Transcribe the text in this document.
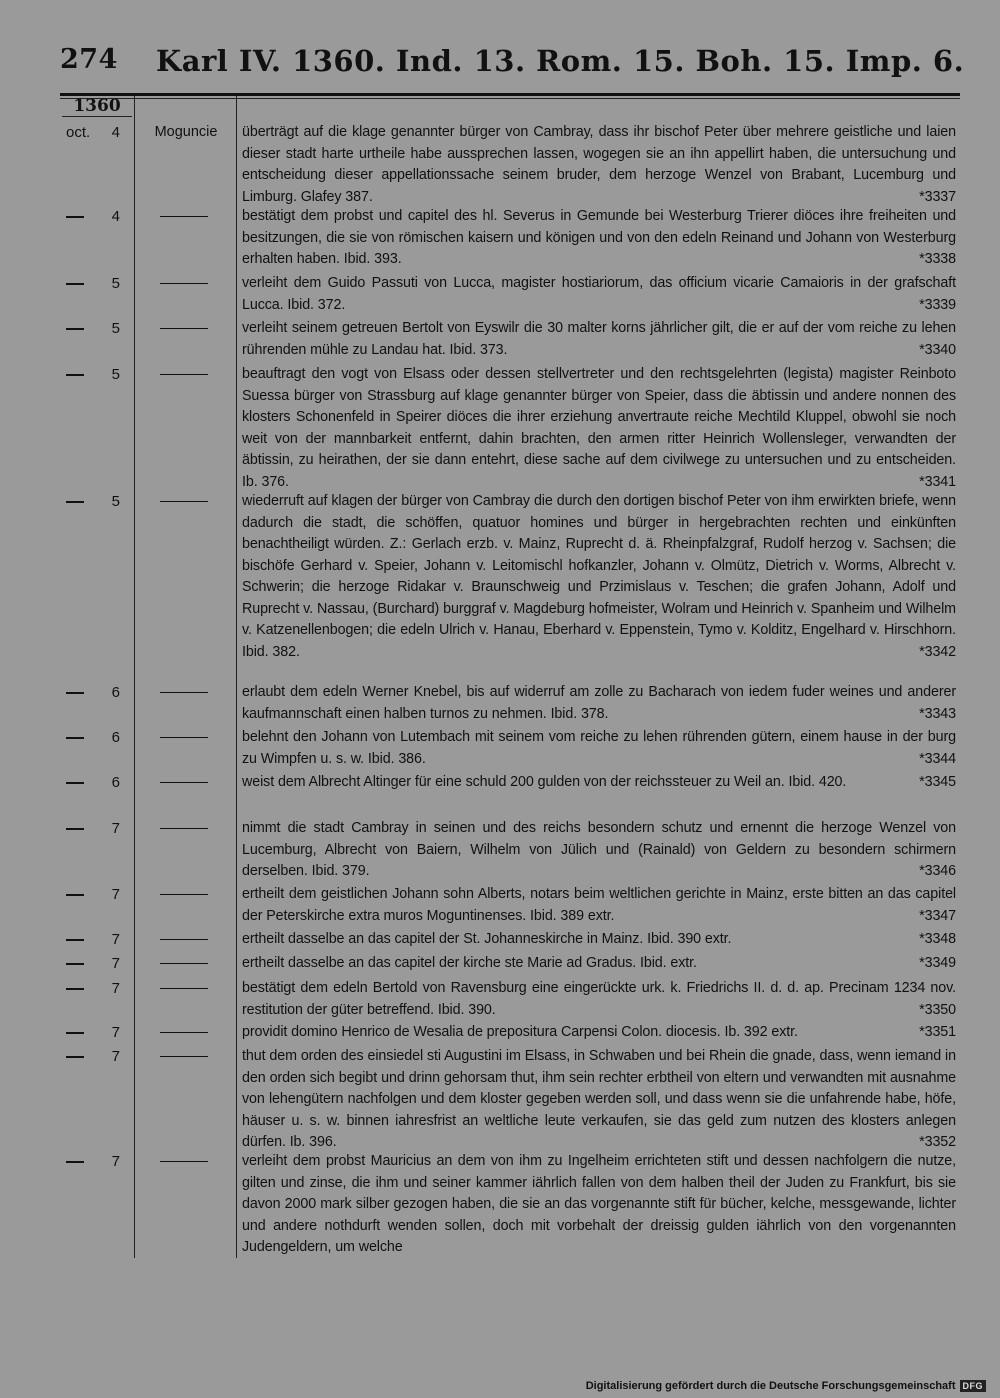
274 Karl IV. 1360. Ind. 13. Rom. 15. Boh. 15. Imp. 6.
1360
oct.	4	Moguncie	überträgt auf die klage genannter bürger von Cambray, dass ihr bischof Peter über mehrere geistliche und laien dieser stadt harte urtheile habe aussprechen lassen, wogegen sie an ihn appellirt haben, die untersuchung und entscheidung dieser appellationssache seinem bruder, dem herzoge Wenzel von Brabant, Lucemburg und Limburg. Glafey 387.	*3337
4	bestätigt dem probst und capitel des hl. Severus in Gemunde bei Westerburg Trierer diöces ihre freiheiten und besitzungen, die sie von römischen kaisern und königen und von den edeln Reinand und Johann von Westerburg erhalten haben. Ibid. 393.	*3338
5	verleiht dem Guido Passuti von Lucca, magister hostiariorum, das officium vicarie Camaioris in der grafschaft Lucca. Ibid. 372.	*3339
5	verleiht seinem getreuen Bertolt von Eyswilr die 30 malter korns jährlicher gilt, die er auf der vom reiche zu lehen rührenden mühle zu Landau hat. Ibid. 373.	*3340
5	beauftragt den vogt von Elsass oder dessen stellvertreter und den rechtsgelehrten (legista) magister Reinboto Suessa bürger von Strassburg auf klage genannter bürger von Speier, dass die äbtissin und andere nonnen des klosters Schonenfeld in Speirer diöces die ihrer erziehung anvertraute reiche Mechtild Kluppel, obwohl sie noch weit von der mannbarkeit entfernt, dahin brachten, den armen ritter Heinrich Wollensleger, verwandten der äbtissin, zu heirathen, der sie dann entehrt, diese sache auf dem civilwege zu untersuchen und zu entscheiden. Ib. 376.	*3341
5	wiederruft auf klagen der bürger von Cambray die durch den dortigen bischof Peter von ihm erwirkten briefe, wenn dadurch die stadt, die schöffen, quatuor homines und bürger in hergebrachten rechten und einkünften benachtheiligt würden. Z.: Gerlach erzb. v. Mainz, Ruprecht d. ä. Rheinpfalzgraf, Rudolf herzog v. Sachsen; die bischöfe Gerhard v. Speier, Johann v. Leitomischl hofkanzler, Johann v. Olmütz, Dietrich v. Worms, Albrecht v. Schwerin; die herzoge Ridakar v. Braunschweig und Przimislaus v. Teschen; die grafen Johann, Adolf und Ruprecht v. Nassau, (Burchard) burggraf v. Magdeburg hofmeister, Wolram und Heinrich v. Spanheim und Wilhelm v. Katzenellenbogen; die edeln Ulrich v. Hanau, Eberhard v. Eppenstein, Tymo v. Kolditz, Engelhard v. Hirschhorn. Ibid. 382.	*3342
6	erlaubt dem edeln Werner Knebel, bis auf widerruf am zolle zu Bacharach von iedem fuder weines und anderer kaufmannschaft einen halben turnos zu nehmen. Ibid. 378.	*3343
6	belehnt den Johann von Lutembach mit seinem vom reiche zu lehen rührenden gütern, einem hause in der burg zu Wimpfen u. s. w. Ibid. 386.	*3344
6	weist dem Albrecht Altinger für eine schuld 200 gulden von der reichssteuer zu Weil an. Ibid. 420.	*3345
7	nimmt die stadt Cambray in seinen und des reichs besondern schutz und ernennt die herzoge Wenzel von Lucemburg, Albrecht von Baiern, Wilhelm von Jülich und (Rainald) von Geldern zu besondern schirmern derselben. Ibid. 379.	*3346
7	ertheilt dem geistlichen Johann sohn Alberts, notars beim weltlichen gerichte in Mainz, erste bitten an das capitel der Peterskirche extra muros Moguntinenses. Ibid. 389 extr.	*3347
7	ertheilt dasselbe an das capitel der St. Johanneskirche in Mainz. Ibid. 390 extr.	*3348
7	ertheilt dasselbe an das capitel der kirche ste Marie ad Gradus. Ibid. extr.	*3349
7	bestätigt dem edeln Bertold von Ravensburg eine eingerückte urk. k. Friedrichs II. d. d. ap. Precinam 1234 nov. restitution der güter betreffend. Ibid. 390.	*3350
7	providit domino Henrico de Wesalia de prepositura Carpensi Colon. diocesis. Ib. 392 extr.	*3351
7	thut dem orden des einsiedel sti Augustini im Elsass, in Schwaben und bei Rhein die gnade, dass, wenn iemand in den orden sich begibt und drinn gehorsam thut, ihm sein rechter erbtheil von eltern und verwandten mit ausnahme von lehengütern nachfolgen und dem kloster gegeben werden soll, und dass wenn sie die unfahrende habe, höfe, häuser u. s. w. binnen iahresfrist an weltliche leute verkaufen, sie das geld zum nutzen des klosters anlegen dürfen. Ib. 396.	*3352
7	verleiht dem probst Mauricius an dem von ihm zu Ingelheim errichteten stift und dessen nachfolgern die nutze, gilten und zinse, die ihm und seiner kammer iährlich fallen von dem halben theil der Juden zu Frankfurt, bis sie davon 2000 mark silber gezogen haben, die sie an das vorgenannte stift für bücher, kelche, messgewande, lichter und andere nothdurft wenden sollen, doch mit vorbehalt der dreissig gulden iährlich von den vorgenannten Judengeldern, um welche
Digitalisierung gefördert durch die Deutsche Forschungsgemeinschaft DFG
